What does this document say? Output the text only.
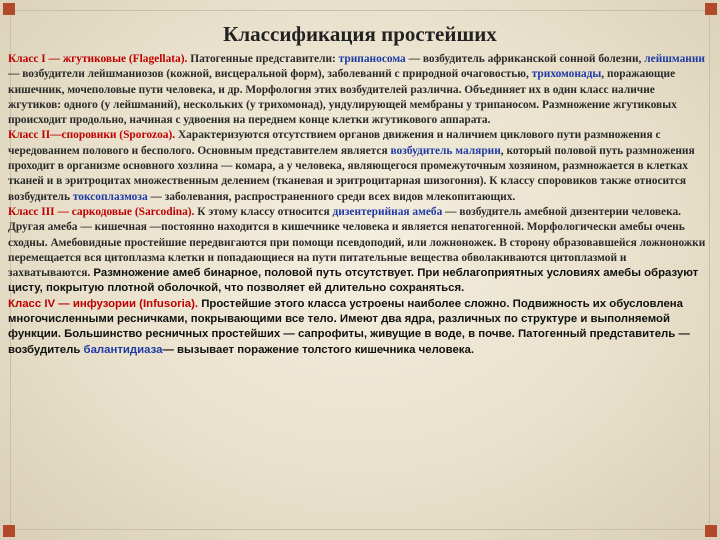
Классификация простейших

Класс I — жгутиковые (Flagellata). Патогенные представители: трипаносома — возбудитель африканской сонной болезни, лейшмании — возбудители лейшманиозов (кожной, висцеральной форм), заболеваний с природной очаговостью, трихомонады, поражающие кишечник, мочеполовые пути человека, и др. Морфология этих возбудителей различна. Объединяет их в один класс наличие жгутиков: одного (у лейшманий), нескольких (у трихомонад), ундулирующей мембраны у трипаносом. Размножение жгутиковых происходит продольно, начиная с удвоения на переднем конце клетки жгутикового аппарата.

Класс II—споровики (Sporozoa). Характеризуются отсутствием органов движения и наличием циклового пути размножения с чередованием полового и бесполого. Основным представителем является возбудитель малярии, который половой путь размножения проходит в организме основного хозлина — комара, а у человека, являющегося промежуточным хозяином, размножается в клетках тканей и в эритроцитах множественным делением (тканевая и эритроцитарная шизогония). К классу споровиков также относится возбудитель токсоплазмоза — заболевания, распространенного среди всех видов млекопитающих.

Класс III — саркодовые (Sarcodina). К этому классу относится дизентерийная амеба — возбудитель амебной дизентерии человека. Другая амеба — кишечная —постоянно находится в кишечнике человека и является непатогенной. Морфологически амебы очень сходны. Амебовидные простейшие передвигаются при помощи псевдоподий, или ложноножек. В сторону образовавшейся ложноножки перемещается вся цитоплазма клетки и попадающиеся на пути питательные вещества обволакиваются цитоплазмой и захватываются. Размножение амеб бинарное, половой путь отсутствует. При неблагоприятных условиях амебы образуют цисту, покрытую плотной оболочкой, что позволяет ей длительно сохраняться.

Класс IV — инфузории (Infusoria). Простейшие этого класса устроены наиболее сложно. Подвижность их обусловлена многочисленными ресничками, покрывающими все тело. Имеют два ядра, различных по структуре и выполняемой функции. Большинство ресничных простейших — сапрофиты, живущие в воде, в почве. Патогенный представитель — возбудитель балантидиаза— вызывает поражение толстого кишечника человека.
